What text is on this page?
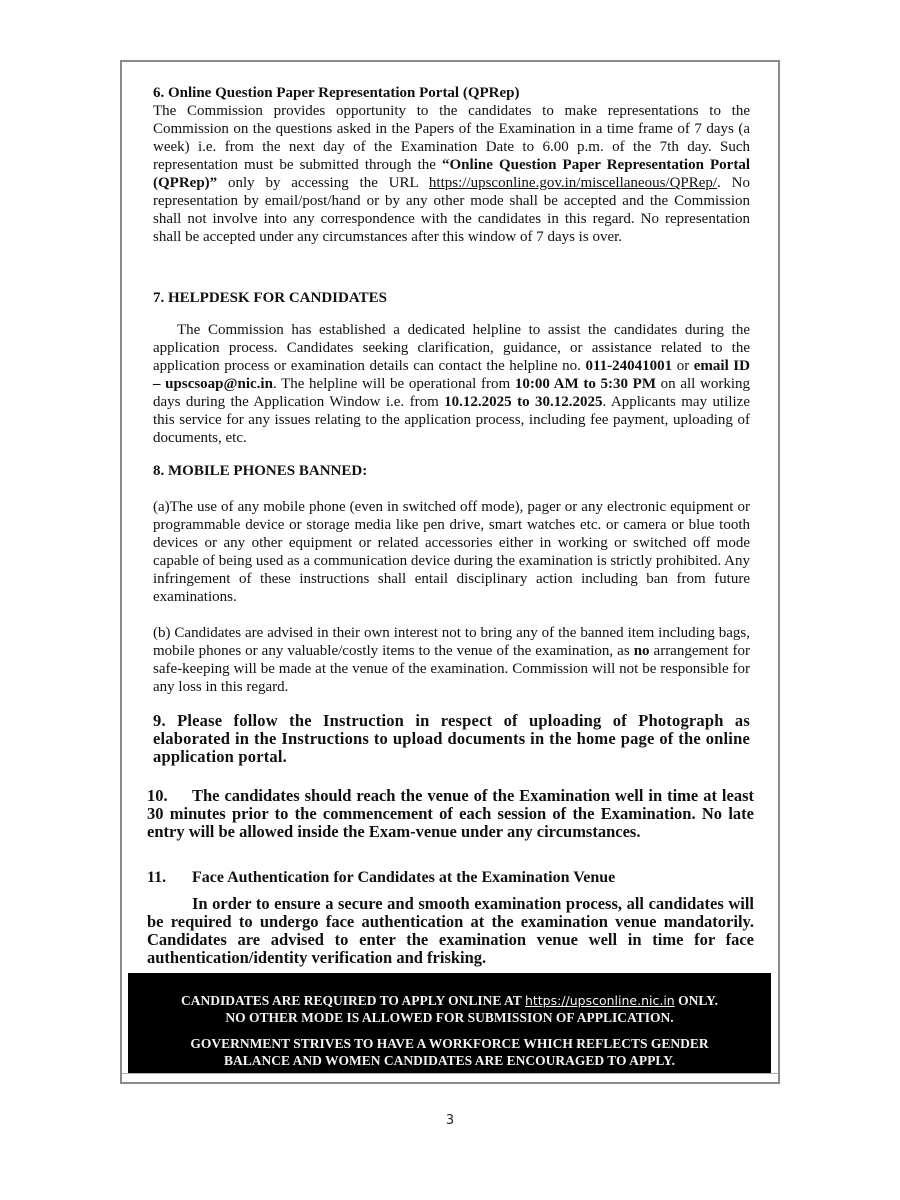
6. Online Question Paper Representation Portal (QPRep)

The Commission provides opportunity to the candidates to make representations to the Commission on the questions asked in the Papers of the Examination in a time frame of 7 days (a week) i.e. from the next day of the Examination Date to 6.00 p.m. of the 7th day. Such representation must be submitted through the “Online Question Paper Representation Portal (QPRep)” only by accessing the URL https://upsconline.gov.in/miscellaneous/QPRep/. No representation by email/post/hand or by any other mode shall be accepted and the Commission shall not involve into any correspondence with the candidates in this regard. No representation shall be accepted under any circumstances after this window of 7 days is over.

7. HELPDESK FOR CANDIDATES

The Commission has established a dedicated helpline to assist the candidates during the application process. Candidates seeking clarification, guidance, or assistance related to the application process or examination details can contact the helpline no. 011-24041001 or email ID – upscsoap@nic.in. The helpline will be operational from 10:00 AM to 5:30 PM on all working days during the Application Window i.e. from 10.12.2025 to 30.12.2025. Applicants may utilize this service for any issues relating to the application process, including fee payment, uploading of documents, etc.

8. MOBILE PHONES BANNED:

(a)The use of any mobile phone (even in switched off mode), pager or any electronic equipment or programmable device or storage media like pen drive, smart watches etc. or camera or blue tooth devices or any other equipment or related accessories either in working or switched off mode capable of being used as a communication device during the examination is strictly prohibited. Any infringement of these instructions shall entail disciplinary action including ban from future examinations.

(b) Candidates are advised in their own interest not to bring any of the banned item including bags, mobile phones or any valuable/costly items to the venue of the examination, as no arrangement for safe-keeping will be made at the venue of the examination. Commission will not be responsible for any loss in this regard.

9. Please follow the Instruction in respect of uploading of Photograph as elaborated in the Instructions to upload documents in the home page of the online application portal.

10. The candidates should reach the venue of the Examination well in time at least 30 minutes prior to the commencement of each session of the Examination. No late entry will be allowed inside the Exam-venue under any circumstances.

11. Face Authentication for Candidates at the Examination Venue

In order to ensure a secure and smooth examination process, all candidates will be required to undergo face authentication at the examination venue mandatorily. Candidates are advised to enter the examination venue well in time for face authentication/identity verification and frisking.

CANDIDATES ARE REQUIRED TO APPLY ONLINE AT https://upsconline.nic.in ONLY.
NO OTHER MODE IS ALLOWED FOR SUBMISSION OF APPLICATION.
GOVERNMENT STRIVES TO HAVE A WORKFORCE WHICH REFLECTS GENDER
BALANCE AND WOMEN CANDIDATES ARE ENCOURAGED TO APPLY.
3
